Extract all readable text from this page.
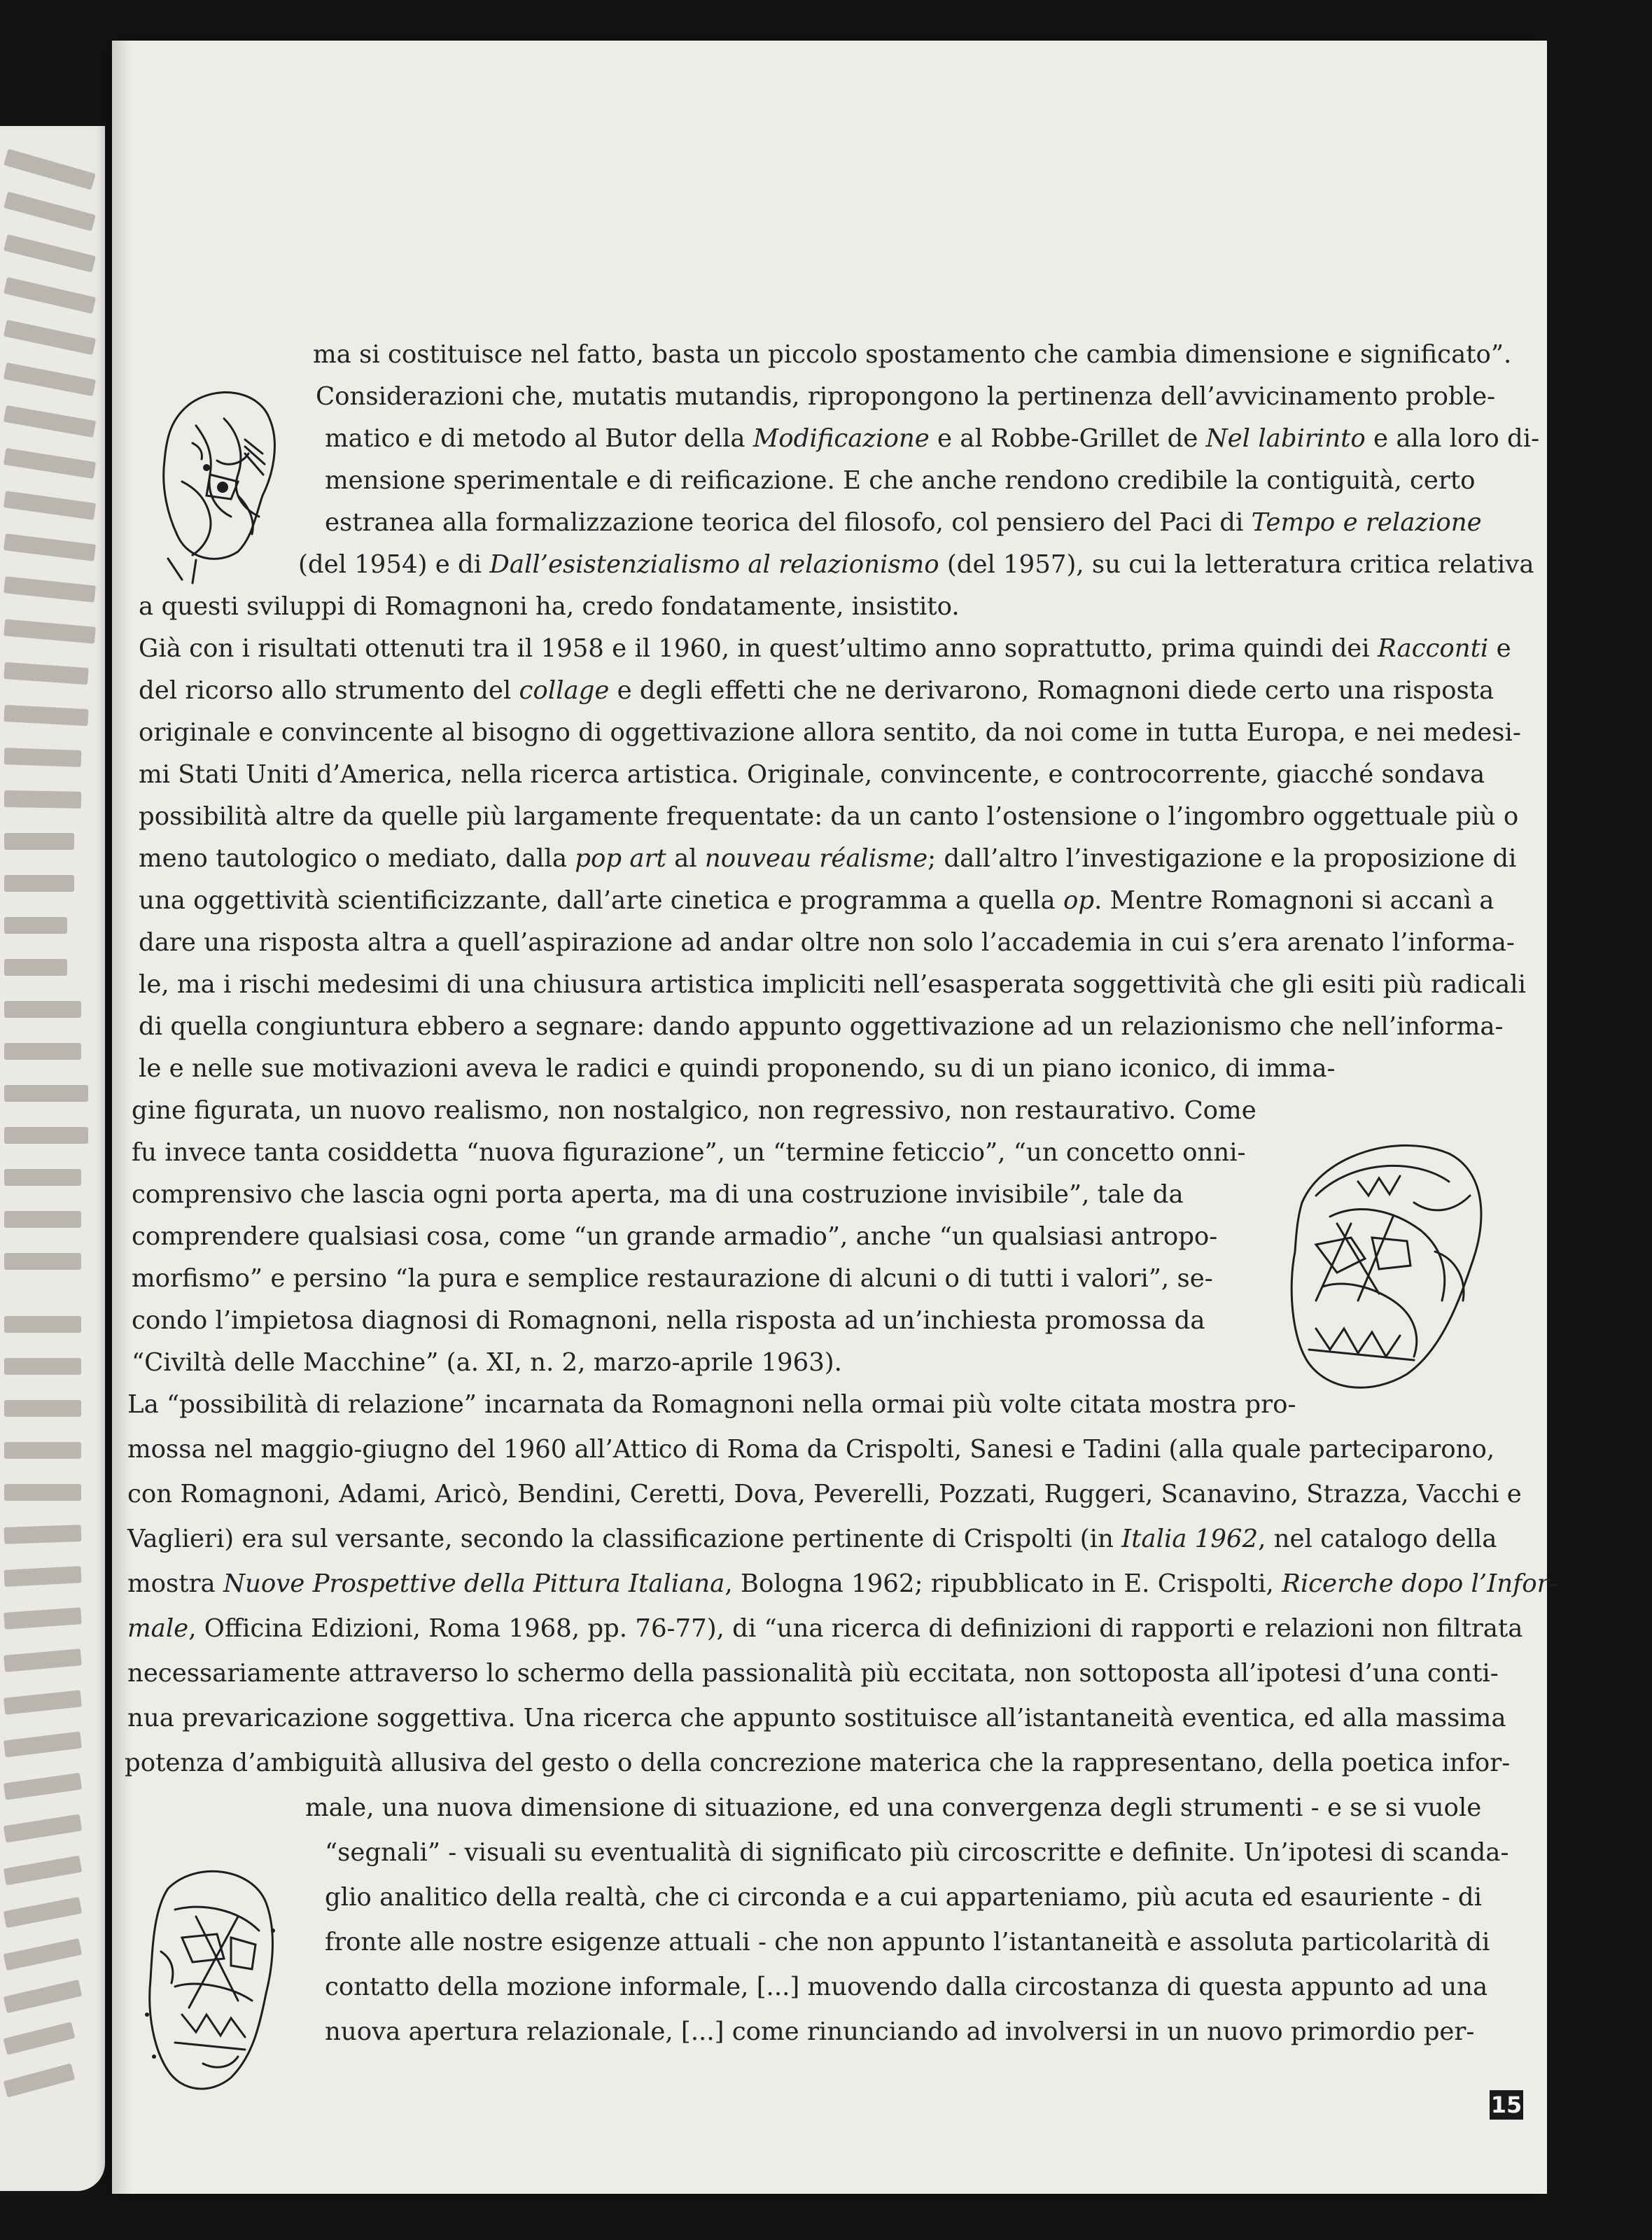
ma si costituisce nel fatto, basta un piccolo spostamento che cambia dimensione e significato”.
Considerazioni che, mutatis mutandis, ripropongono la pertinenza dell’avvicinamento proble-
matico e di metodo al Butor della Modificazione e al Robbe-Grillet de Nel labirinto e alla loro di-
mensione sperimentale e di reificazione. E che anche rendono credibile la contiguità, certo
estranea alla formalizzazione teorica del filosofo, col pensiero del Paci di Tempo e relazione
(del 1954) e di Dall’esistenzialismo al relazionismo (del 1957), su cui la letteratura critica relativa
a questi sviluppi di Romagnoni ha, credo fondatamente, insistito.
Già con i risultati ottenuti tra il 1958 e il 1960, in quest’ultimo anno soprattutto, prima quindi dei Racconti e
del ricorso allo strumento del collage e degli effetti che ne derivarono, Romagnoni diede certo una risposta
originale e convincente al bisogno di oggettivazione allora sentito, da noi come in tutta Europa, e nei medesi-
mi Stati Uniti d’America, nella ricerca artistica. Originale, convincente, e controcorrente, giacché sondava
possibilità altre da quelle più largamente frequentate: da un canto l’ostensione o l’ingombro oggettuale più o
meno tautologico o mediato, dalla pop art al nouveau réalisme; dall’altro l’investigazione e la proposizione di
una oggettività scientificizzante, dall’arte cinetica e programma a quella op. Mentre Romagnoni si accanì a
dare una risposta altra a quell’aspirazione ad andar oltre non solo l’accademia in cui s’era arenato l’informa-
le, ma i rischi medesimi di una chiusura artistica impliciti nell’esasperata soggettività che gli esiti più radicali
di quella congiuntura ebbero a segnare: dando appunto oggettivazione ad un relazionismo che nell’informa-
le e nelle sue motivazioni aveva le radici e quindi proponendo, su di un piano iconico, di imma-
gine figurata, un nuovo realismo, non nostalgico, non regressivo, non restaurativo. Come
fu invece tanta cosiddetta “nuova figurazione”, un “termine feticcio”, “un concetto onni-
comprensivo che lascia ogni porta aperta, ma di una costruzione invisibile”, tale da
comprendere qualsiasi cosa, come “un grande armadio”, anche “un qualsiasi antropo-
morfismo” e persino “la pura e semplice restaurazione di alcuni o di tutti i valori”, se-
condo l’impietosa diagnosi di Romagnoni, nella risposta ad un’inchiesta promossa da
“Civiltà delle Macchine” (a. XI, n. 2, marzo-aprile 1963).
La “possibilità di relazione” incarnata da Romagnoni nella ormai più volte citata mostra pro-
mossa nel maggio-giugno del 1960 all’Attico di Roma da Crispolti, Sanesi e Tadini (alla quale parteciparono,
con Romagnoni, Adami, Aricò, Bendini, Ceretti, Dova, Peverelli, Pozzati, Ruggeri, Scanavino, Strazza, Vacchi e
Vaglieri) era sul versante, secondo la classificazione pertinente di Crispolti (in Italia 1962, nel catalogo della
mostra Nuove Prospettive della Pittura Italiana, Bologna 1962; ripubblicato in E. Crispolti, Ricerche dopo l’Infor-
male, Officina Edizioni, Roma 1968, pp. 76-77), di “una ricerca di definizioni di rapporti e relazioni non filtrata
necessariamente attraverso lo schermo della passionalità più eccitata, non sottoposta all’ipotesi d’una conti-
nua prevaricazione soggettiva. Una ricerca che appunto sostituisce all’istantaneità eventica, ed alla massima
potenza d’ambiguità allusiva del gesto o della concrezione materica che la rappresentano, della poetica infor-
male, una nuova dimensione di situazione, ed una convergenza degli strumenti - e se si vuole
“segnali” - visuali su eventualità di significato più circoscritte e definite. Un’ipotesi di scanda-
glio analitico della realtà, che ci circonda e a cui apparteniamo, più acuta ed esauriente - di
fronte alle nostre esigenze attuali - che non appunto l’istantaneità e assoluta particolarità di
contatto della mozione informale, [...] muovendo dalla circostanza di questa appunto ad una
nuova apertura relazionale, [...] come rinunciando ad involversi in un nuovo primordio per-
15
